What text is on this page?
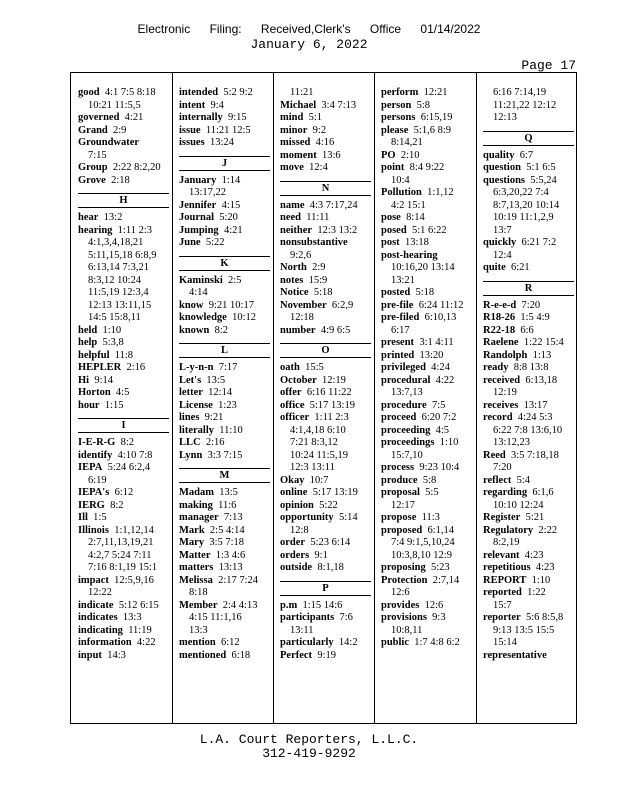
Electronic Filing: Received,Clerk's Office 01/14/2022
January 6, 2022
Page 17
good  4:1 7:5 8:18
10:21 11:5,5
governed  4:21
Grand  2:9
Groundwater
7:15
Group  2:22 8:2,20
Grove  2:18
H
hear  13:2
hearing  1:11 2:3
4:1,3,4,18,21
5:11,15,18 6:8,9
6:13,14 7:3,21
8:3,12 10:24
11:5,19 12:3,4
12:13 13:11,15
14:5 15:8,11
held  1:10
help  5:3,8
helpful  11:8
HEPLER  2:16
Hi  9:14
Horton  4:5
hour  1:15
I
I-E-R-G  8:2
identify  4:10 7:8
IEPA  5:24 6:2,4
6:19
IEPA's  6:12
IERG  8:2
Ill  1:5
Illinois  1:1,12,14
2:7,11,13,19,21
4:2,7 5:24 7:11
7:16 8:1,19 15:1
impact  12:5,9,16
12:22
indicate  5:12 6:15
indicates  13:3
indicating  11:19
information  4:22
input  14:3
intended  5:2 9:2
intent  9:4
internally  9:15
issue  11:21 12:5
issues  13:24
J
January  1:14
13:17,22
Jennifer  4:15
Journal  5:20
Jumping  4:21
June  5:22
K
Kaminski  2:5
4:14
know  9:21 10:17
knowledge  10:12
known  8:2
L
L-y-n-n  7:17
Let's  13:5
letter  12:14
License  1:23
lines  9:21
literally  11:10
LLC  2:16
Lynn  3:3 7:15
M
Madam  13:5
making  11:6
manager  7:13
Mark  2:5 4:14
Mary  3:5 7:18
Matter  1:3 4:6
matters  13:13
Melissa  2:17 7:24
8:18
Member  2:4 4:13
4:15 11:1,16
13:3
mention  6:12
mentioned  6:18
11:21
Michael  3:4 7:13
mind  5:1
minor  9:2
missed  4:16
moment  13:6
move  12:4
N
name  4:3 7:17,24
need  11:11
neither  12:3 13:2
nonsubstantive
9:2,6
North  2:9
notes  15:9
Notice  5:18
November  6:2,9
12:18
number  4:9 6:5
O
oath  15:5
October  12:19
offer  6:16 11:22
office  5:17 13:19
officer  1:11 2:3
4:1,4,18 6:10
7:21 8:3,12
10:24 11:5,19
12:3 13:11
Okay  10:7
online  5:17 13:19
opinion  5:22
opportunity  5:14
12:8
order  5:23 6:14
orders  9:1
outside  8:1,18
P
p.m  1:15 14:6
participants  7:6
13:11
particularly  14:2
Perfect  9:19
perform  12:21
person  5:8
persons  6:15,19
please  5:1,6 8:9
8:14,21
PO  2:10
point  8:4 9:22
10:4
Pollution  1:1,12
4:2 15:1
pose  8:14
posed  5:1 6:22
post  13:18
post-hearing
10:16,20 13:14
13:21
posted  5:18
pre-file  6:24 11:12
pre-filed  6:10,13
6:17
present  3:1 4:11
printed  13:20
privileged  4:24
procedural  4:22
13:7,13
procedure  7:5
proceed  6:20 7:2
proceeding  4:5
proceedings  1:10
15:7,10
process  9:23 10:4
produce  5:8
proposal  5:5
12:17
propose  11:3
proposed  6:1,14
7:4 9:1,5,10,24
10:3,8,10 12:9
proposing  5:23
Protection  2:7,14
12:6
provides  12:6
provisions  9:3
10:8,11
public  1:7 4:8 6:2
6:16 7:14,19
11:21,22 12:12
12:13
Q
quality  6:7
question  5:1 6:5
questions  5:5,24
6:3,20,22 7:4
8:7,13,20 10:14
10:19 11:1,2,9
13:7
quickly  6:21 7:2
12:4
quite  6:21
R
R-e-e-d  7:20
R18-26  1:5 4:9
R22-18  6:6
Raelene  1:22 15:4
Randolph  1:13
ready  8:8 13:8
received  6:13,18
12:19
receives  13:17
record  4:24 5:3
6:22 7:8 13:6,10
13:12,23
Reed  3:5 7:18,18
7:20
reflect  5:4
regarding  6:1,6
10:10 12:24
Register  5:21
Regulatory  2:22
8:2,19
relevant  4:23
repetitious  4:23
REPORT  1:10
reported  1:22
15:7
reporter  5:6 8:5,8
9:13 13:5 15:5
15:14
representative
L.A. Court Reporters, L.L.C.
312-419-9292
